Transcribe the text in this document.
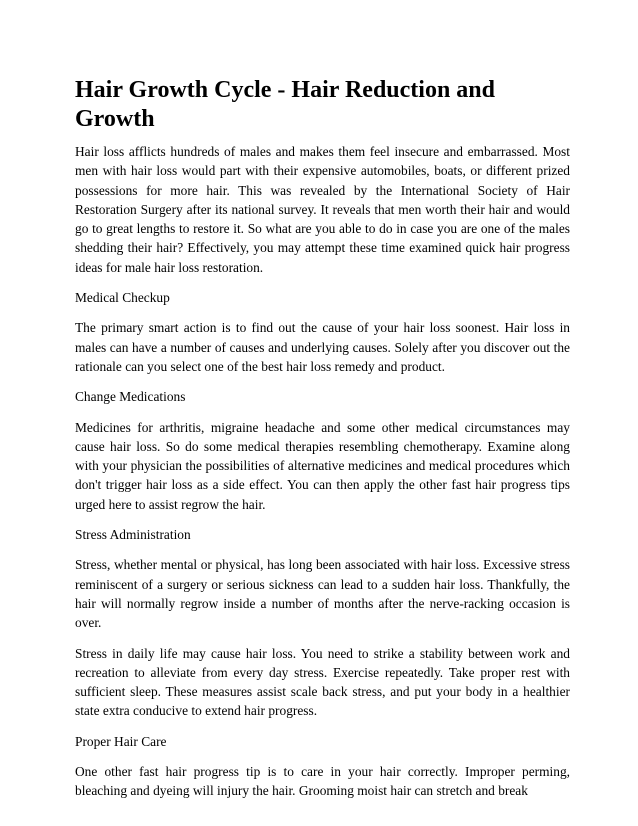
Hair Growth Cycle - Hair Reduction and Growth

Hair loss afflicts hundreds of males and makes them feel insecure and embarrassed. Most men with hair loss would part with their expensive automobiles, boats, or different prized possessions for more hair. This was revealed by the International Society of Hair Restoration Surgery after its national survey. It reveals that men worth their hair and would go to great lengths to restore it. So what are you able to do in case you are one of the males shedding their hair? Effectively, you may attempt these time examined quick hair progress ideas for male hair loss restoration.

Medical Checkup

The primary smart action is to find out the cause of your hair loss soonest. Hair loss in males can have a number of causes and underlying causes. Solely after you discover out the rationale can you select one of the best hair loss remedy and product.

Change Medications

Medicines for arthritis, migraine headache and some other medical circumstances may cause hair loss. So do some medical therapies resembling chemotherapy. Examine along with your physician the possibilities of alternative medicines and medical procedures which don't trigger hair loss as a side effect. You can then apply the other fast hair progress tips urged here to assist regrow the hair.

Stress Administration

Stress, whether mental or physical, has long been associated with hair loss. Excessive stress reminiscent of a surgery or serious sickness can lead to a sudden hair loss. Thankfully, the hair will normally regrow inside a number of months after the nerve-racking occasion is over.

Stress in daily life may cause hair loss. You need to strike a stability between work and recreation to alleviate from every day stress. Exercise repeatedly. Take proper rest with sufficient sleep. These measures assist scale back stress, and put your body in a healthier state extra conducive to extend hair progress.

Proper Hair Care

One other fast hair progress tip is to care in your hair correctly. Improper perming, bleaching and dyeing will injury the hair. Grooming moist hair can stretch and break
